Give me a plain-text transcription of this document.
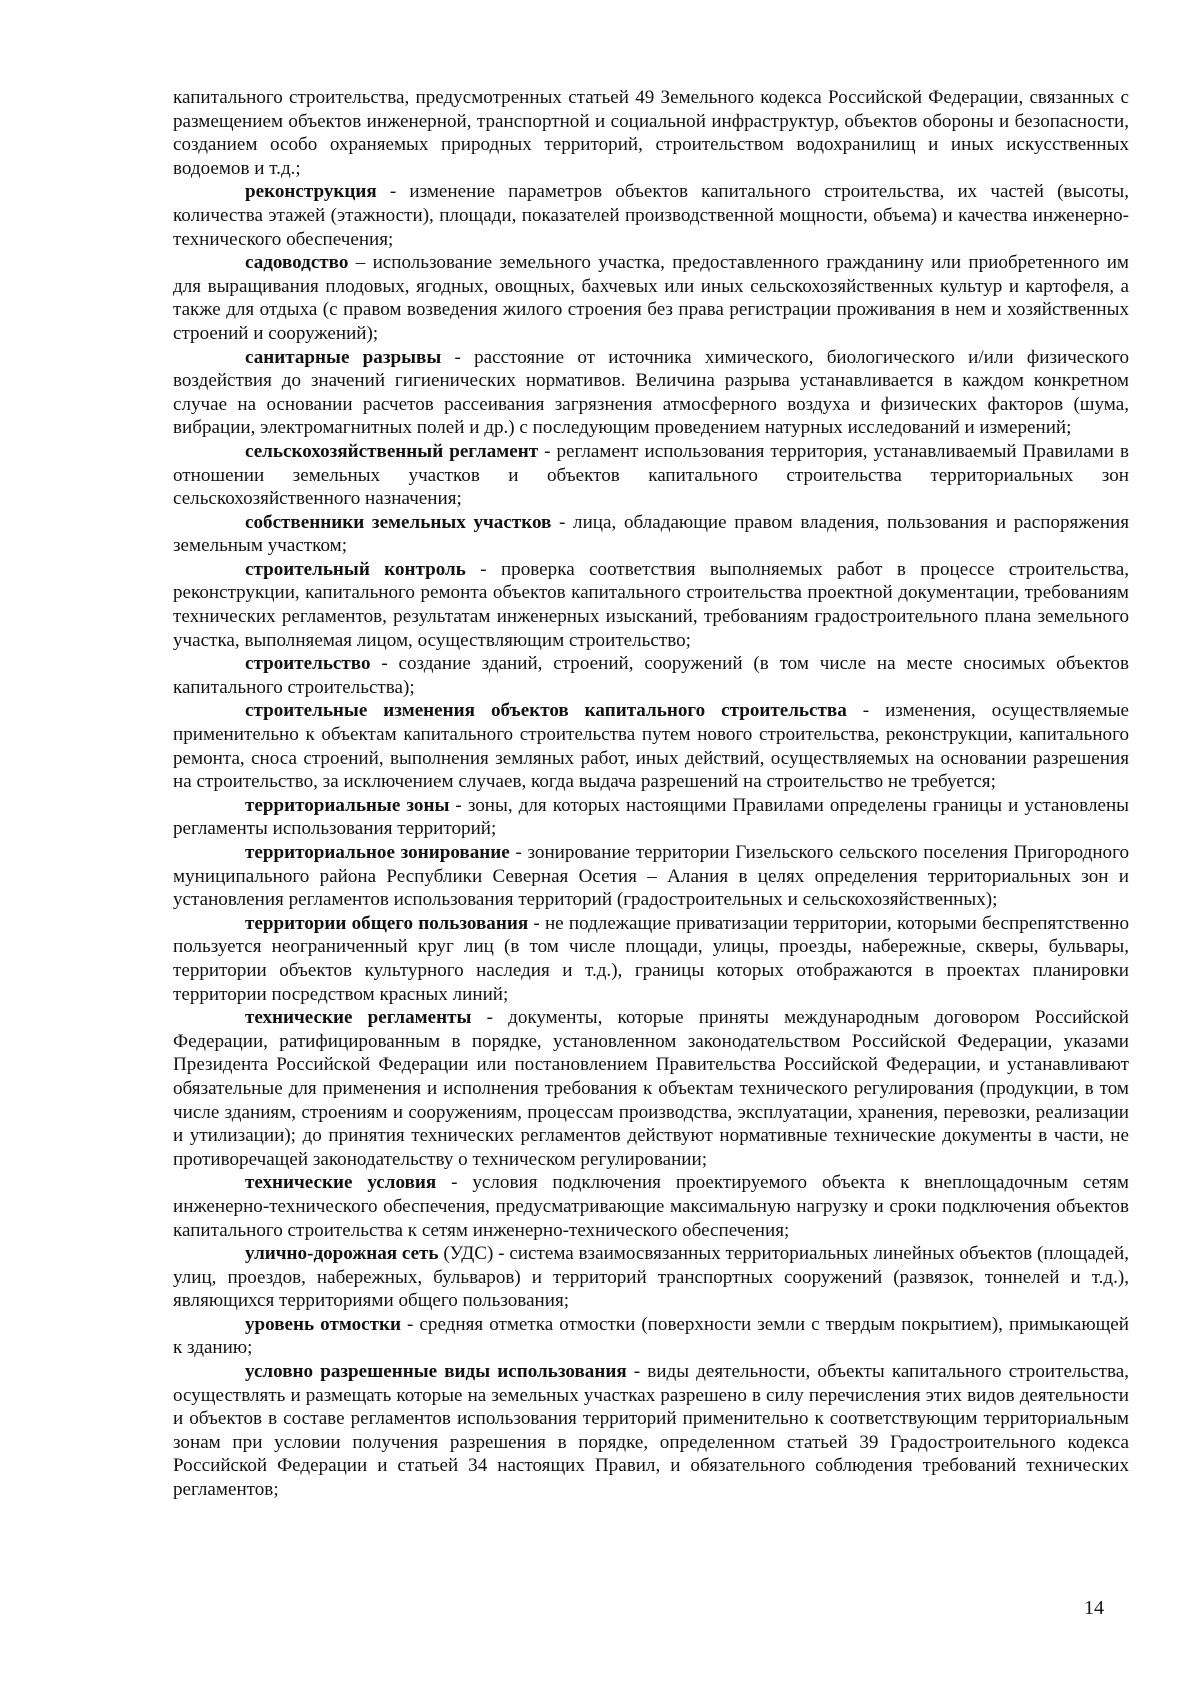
капитального строительства, предусмотренных статьей 49 Земельного кодекса Российской Федерации, связанных с размещением объектов инженерной, транспортной и социальной инфраструктур, объектов обороны и безопасности, созданием особо охраняемых природных территорий, строительством водохранилищ и иных искусственных водоемов и т.д.;

реконструкция - изменение параметров объектов капитального строительства, их частей (высоты, количества этажей (этажности), площади, показателей производственной мощности, объема) и качества инженерно-технического обеспечения;

садоводство – использование земельного участка, предоставленного гражданину или приобретенного им для выращивания плодовых, ягодных, овощных, бахчевых или иных сельскохозяйственных культур и картофеля, а также для отдыха (с правом возведения жилого строения без права регистрации проживания в нем и хозяйственных строений и сооружений);

санитарные разрывы - расстояние от источника химического, биологического и/или физического воздействия до значений гигиенических нормативов. Величина разрыва устанавливается в каждом конкретном случае на основании расчетов рассеивания загрязнения атмосферного воздуха и физических факторов (шума, вибрации, электромагнитных полей и др.) с последующим проведением натурных исследований и измерений;

сельскохозяйственный регламент - регламент использования территория, устанавливаемый Правилами в отношении земельных участков и объектов капитального строительства территориальных зон сельскохозяйственного назначения;

собственники земельных участков - лица, обладающие правом владения, пользования и распоряжения земельным участком;

строительный контроль - проверка соответствия выполняемых работ в процессе строительства, реконструкции, капитального ремонта объектов капитального строительства проектной документации, требованиям технических регламентов, результатам инженерных изысканий, требованиям градостроительного плана земельного участка, выполняемая лицом, осуществляющим строительство;

строительство - создание зданий, строений, сооружений (в том числе на месте сносимых объектов капитального строительства);

строительные изменения объектов капитального строительства - изменения, осуществляемые применительно к объектам капитального строительства путем нового строительства, реконструкции, капитального ремонта, сноса строений, выполнения земляных работ, иных действий, осуществляемых на основании разрешения на строительство, за исключением случаев, когда выдача разрешений на строительство не требуется;

территориальные зоны - зоны, для которых настоящими Правилами определены границы и установлены регламенты использования территорий;

территориальное зонирование - зонирование территории Гизельского сельского поселения Пригородного муниципального района Республики Северная Осетия – Алания в целях определения территориальных зон и установления регламентов использования территорий (градостроительных и сельскохозяйственных);

территории общего пользования - не подлежащие приватизации территории, которыми беспрепятственно пользуется неограниченный круг лиц (в том числе площади, улицы, проезды, набережные, скверы, бульвары, территории объектов культурного наследия и т.д.), границы которых отображаются в проектах планировки территории посредством красных линий;

технические регламенты - документы, которые приняты международным договором Российской Федерации, ратифицированным в порядке, установленном законодательством Российской Федерации, указами Президента Российской Федерации или постановлением Правительства Российской Федерации, и устанавливают обязательные для применения и исполнения требования к объектам технического регулирования (продукции, в том числе зданиям, строениям и сооружениям, процессам производства, эксплуатации, хранения, перевозки, реализации и утилизации); до принятия технических регламентов действуют нормативные технические документы в части, не противоречащей законодательству о техническом регулировании;

технические условия - условия подключения проектируемого объекта к внеплощадочным сетям инженерно-технического обеспечения, предусматривающие максимальную нагрузку и сроки подключения объектов капитального строительства к сетям инженерно-технического обеспечения;

улично-дорожная сеть (УДС) - система взаимосвязанных территориальных линейных объектов (площадей, улиц, проездов, набережных, бульваров) и территорий транспортных сооружений (развязок, тоннелей и т.д.), являющихся территориями общего пользования;

уровень отмостки - средняя отметка отмостки (поверхности земли с твердым покрытием), примыкающей к зданию;

условно разрешенные виды использования - виды деятельности, объекты капитального строительства, осуществлять и размещать которые на земельных участках разрешено в силу перечисления этих видов деятельности и объектов в составе регламентов использования территорий применительно к соответствующим территориальным зонам при условии получения разрешения в порядке, определенном статьей 39 Градостроительного кодекса Российской Федерации и статьей 34 настоящих Правил, и обязательного соблюдения требований технических регламентов;

14
